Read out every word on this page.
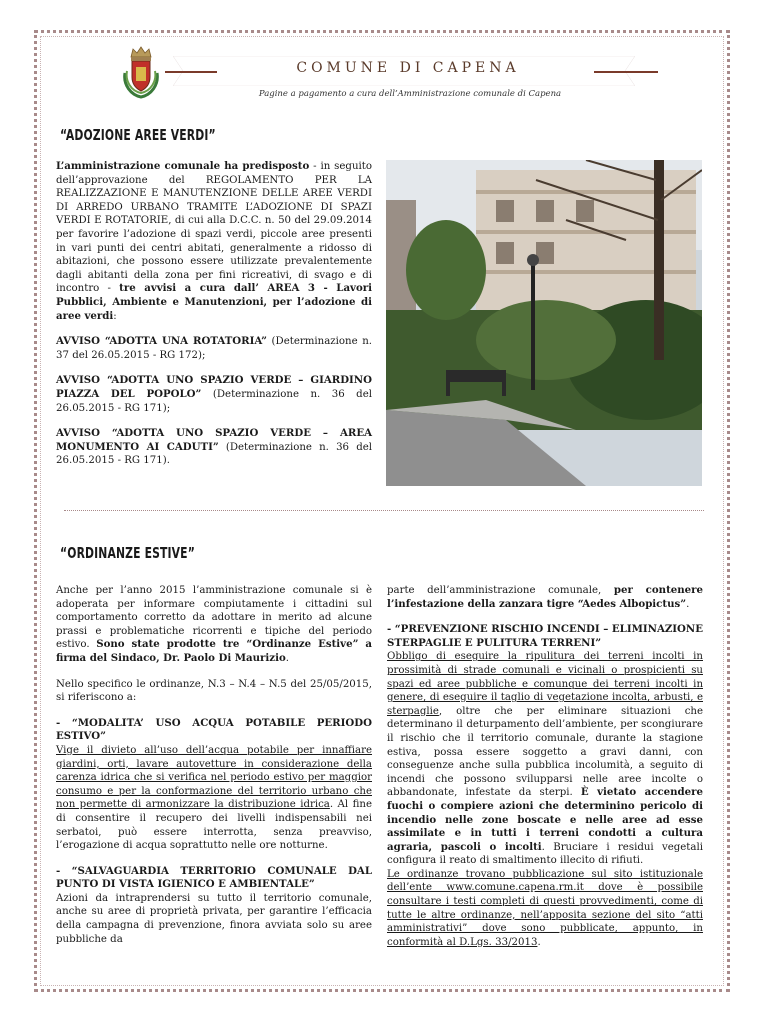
COMUNE DI CAPENA
Pagine a pagamento a cura dell’Amministrazione comunale di Capena
“ADOZIONE AREE VERDI”

L’amministrazione comunale ha predisposto - in seguito dell’approvazione del REGOLAMENTO PER LA REALIZZAZIONE E MANUTENZIONE DELLE AREE VERDI DI ARREDO URBANO TRAMITE L’ADOZIONE DI SPAZI VERDI E ROTATORIE, di cui alla D.C.C. n. 50 del 29.09.2014 per favorire l’adozione di spazi verdi, piccole aree presenti in vari punti dei centri abitati, generalmente a ridosso di abitazioni, che possono essere utilizzate prevalentemente dagli abitanti della zona per fini ricreativi, di svago e di incontro - tre avvisi a cura dall’ AREA 3 - Lavori Pubblici, Ambiente e Manutenzioni, per l’adozione di aree verdi:

AVVISO “ADOTTA UNA ROTATORIA” (Determinazione n. 37 del 26.05.2015 - RG 172);

AVVISO “ADOTTA UNO SPAZIO VERDE – GIARDINO PIAZZA DEL POPOLO” (Determinazione n. 36 del 26.05.2015 - RG 171);

AVVISO “ADOTTA UNO SPAZIO VERDE – AREA MONUMENTO AI CADUTI” (Determinazione n. 36 del 26.05.2015 - RG 171).

“ORDINANZE ESTIVE”

Anche per l’anno 2015 l’amministrazione comunale si è adoperata per informare compiutamente i cittadini sul comportamento corretto da adottare in merito ad alcune prassi e problematiche ricorrenti e tipiche del periodo estivo. Sono state prodotte tre “Ordinanze Estive” a firma del Sindaco, Dr. Paolo Di Maurizio.

Nello specifico le ordinanze, N.3 – N.4 – N.5 del 25/05/2015, si riferiscono a:

- “MODALITA’ USO ACQUA POTABILE PERIODO ESTIVO”
Vige il divieto all’uso dell’acqua potabile per innaffiare giardini, orti, lavare autovetture in considerazione della carenza idrica che si verifica nel periodo estivo per maggior consumo e per la conformazione del territorio urbano che non permette di armonizzare la distribuzione idrica. Al fine di consentire il recupero dei livelli indispensabili nei serbatoi, può essere interrotta, senza preavviso, l’erogazione di acqua soprattutto nelle ore notturne.

- “SALVAGUARDIA TERRITORIO COMUNALE DAL PUNTO DI VISTA IGIENICO E AMBIENTALE”
Azioni da intraprendersi su tutto il territorio comunale, anche su aree di proprietà privata, per garantire l’efficacia della campagna di prevenzione, finora avviata solo su aree pubbliche da

parte dell’amministrazione comunale, per contenere l’infestazione della zanzara tigre “Aedes Albopictus”.

- “PREVENZIONE RISCHIO INCENDI – ELIMINAZIONE STERPAGLIE E PULITURA TERRENI”
Obbligo di eseguire la ripulitura dei terreni incolti in prossimità di strade comunali e vicinali o prospicienti su spazi ed aree pubbliche e comunque dei terreni incolti in genere, di eseguire il taglio di vegetazione incolta, arbusti, e sterpaglie, oltre che per eliminare situazioni che determinano il deturpamento dell’ambiente, per scongiurare il rischio che il territorio comunale, durante la stagione estiva, possa essere soggetto a gravi danni, con conseguenze anche sulla pubblica incolumità, a seguito di incendi che possono svilupparsi nelle aree incolte o abbandonate, infestate da sterpi. È vietato accendere fuochi o compiere azioni che determinino pericolo di incendio nelle zone boscate e nelle aree ad esse assimilate e in tutti i terreni condotti a cultura agraria, pascoli o incolti. Bruciare i residui vegetali configura il reato di smaltimento illecito di rifiuti.
Le ordinanze trovano pubblicazione sul sito istituzionale dell’ente www.comune.capena.rm.it dove è possibile consultare i testi completi di questi provvedimenti, come di tutte le altre ordinanze, nell’apposita sezione del sito “atti amministrativi” dove sono pubblicate, appunto, in conformità al D.Lgs. 33/2013.
